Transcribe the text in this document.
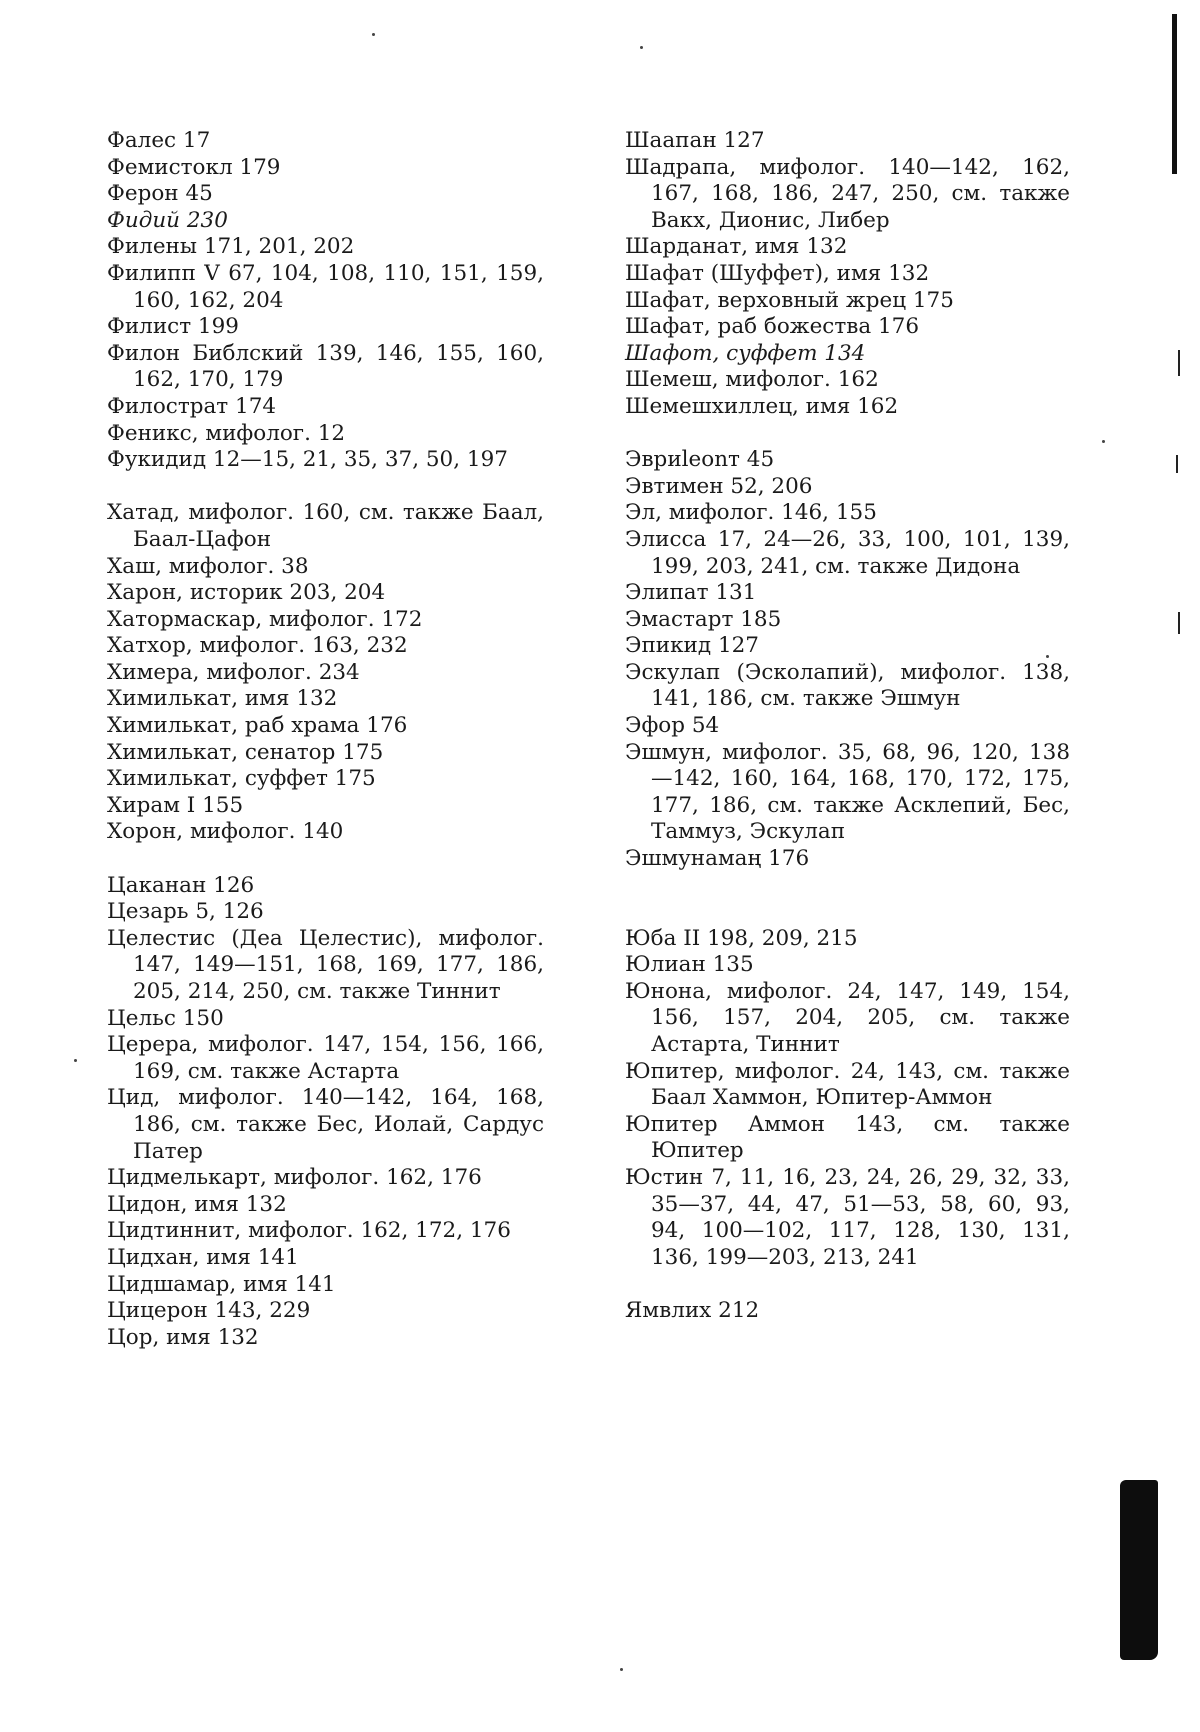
Фалес 17
Фемистокл 179
Ферон 45
Фидий 230
Филены 171, 201, 202
Филипп V 67, 104, 108, 110, 151, 159, 160, 162, 204
Филист 199
Филон Библский 139, 146, 155, 160, 162, 170, 179
Филострат 174
Феникс, мифолог. 12
Фукидид 12—15, 21, 35, 37, 50, 197
Хатад, мифолог. 160, см. также Баал, Баал-Цафон
Хаш, мифолог. 38
Харон, историк 203, 204
Хатормаскар, мифолог. 172
Хатхор, мифолог. 163, 232
Химера, мифолог. 234
Химилькат, имя 132
Химилькат, раб храма 176
Химилькат, сенатор 175
Химилькат, суффет 175
Хирам I 155
Хорон, мифолог. 140
Цаканан 126
Цезарь 5, 126
Целестис (Деа Целестис), мифолог. 147, 149—151, 168, 169, 177, 186, 205, 214, 250, см. также Тиннит
Цельс 150
Церера, мифолог. 147, 154, 156, 166, 169, см. также Астарта
Цид, мифолог. 140—142, 164, 168, 186, см. также Бес, Иолай, Сардус Патер
Цидмелькарт, мифолог. 162, 176
Цидон, имя 132
Цидтиннит, мифолог. 162, 172, 176
Цидхан, имя 141
Цидшамар, имя 141
Цицерон 143, 229
Цор, имя 132
Шаапан 127
Шадрапа, мифолог. 140—142, 162, 167, 168, 186, 247, 250, см. также Вакх, Дионис, Либер
Шарданат, имя 132
Шафат (Шуффет), имя 132
Шафат, верховный жрец 175
Шафат, раб божества 176
Шафот, суффет 134
Шемеш, мифолог. 162
Шемешхиллец, имя 162
Эвриleonт 45
Эвтимен 52, 206
Эл, мифолог. 146, 155
Элисса 17, 24—26, 33, 100, 101, 139, 199, 203, 241, см. также Дидона
Элипат 131
Эмастарт 185
Эпикид 127
Эскулап (Эсколапий), мифолог. 138, 141, 186, см. также Эшмун
Эфор 54
Эшмун, мифолог. 35, 68, 96, 120, 138—142, 160, 164, 168, 170, 172, 175, 177, 186, см. также Асклепий, Бес, Таммуз, Эскулап
Эшмунамаң 176
Юба II 198, 209, 215
Юлиан 135
Юнона, мифолог. 24, 147, 149, 154, 156, 157, 204, 205, см. также Астарта, Тиннит
Юпитер, мифолог. 24, 143, см. также Баал Хаммон, Юпитер-Аммон
Юпитер Аммон 143, см. также Юпитер
Юстин 7, 11, 16, 23, 24, 26, 29, 32, 33, 35—37, 44, 47, 51—53, 58, 60, 93, 94, 100—102, 117, 128, 130, 131, 136, 199—203, 213, 241
Ямвлих 212
